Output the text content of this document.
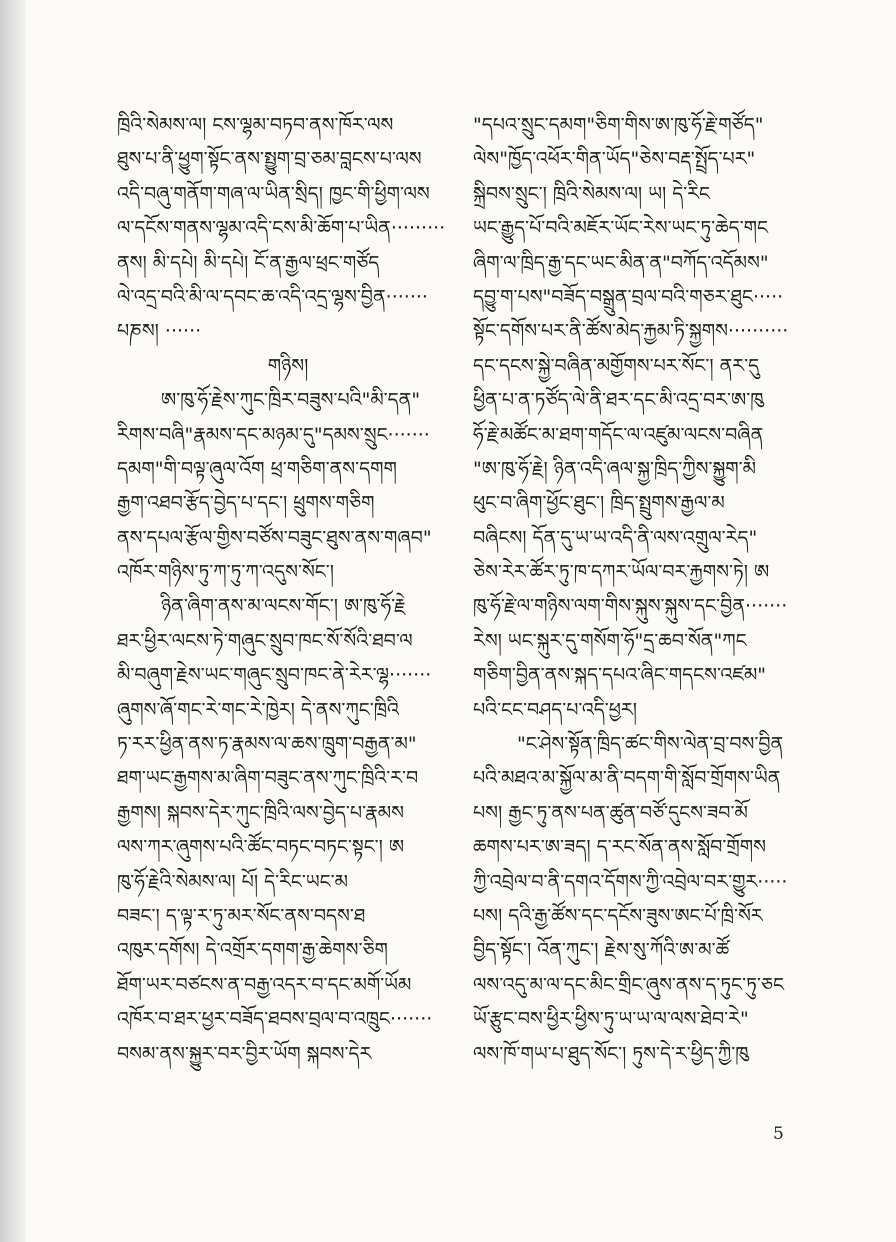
ཁྲིའི་སེམས་ལ། ངས་ལྷམ་བཏབ་ནས་ཁོར་ལས
ཐུས་པ་ནི་ཕྱུག་སྟོང་ནས་སྤྱུག་བྲ་ཅམ་བླངས་པ་ལས
འདི་བཞུ་གནོག་གཞ་ལ་ཡིན་སྲིད། ཁྱང་གི་ཕྱིག་ལས
ལ་དངོས་གནས་ལྷམ་འདི་ངས་མི་ཆོག་པ་ཡིན·········
ནས། མི་དཔེ། མི་དཔེ། ངོ་ན་རྒྱལ་ཕྲང་གཙོད
ལེ་འདྲ་བའི་མི་ལ་དབང་ཆ་འདི་འདྲ་ལྷས་བྱིན·······
པཎས། ······
གཉིས།
ཨ་ཁུ་ཧོ་རྗེས་ཀུང་ཁྲིར་བཟུས་པའི"མི་དན"
རིགས་བཞི"རྣམས་དང་མཉམ་དུ"དམས་སྲུང·······
དམག"གི་བལྟ་ཞུལ་འོག ཕྲ་གཅིག་ནས་དགག
རྒྱག་འཐབ་རྩོད་བྱེད་པ་དང་། ཕྲུགས་གཅིག
ནས་དཔལ་རྩོལ་གྱིས་བཙོས་བཟུང་ཐུས་ནས་གཞབ"
འཁོར་གཉིས་ཏུ་ཀ་ཏུ་ཀ་འདུས་སོང་།
ཉིན་ཞིག་ནས་མ་ལངས་གོང་། ཨ་ཁུ་ཧོ་རྗེ
ཐར་ཕྱིར་ལངས་ཏེ་གཞུང་སྲུབ་ཁང་སོ་སོའི་ཐབ་ལ
མི་བཞུག་རྗེས་ཡང་གཞུང་སྲུབ་ཁང་ནེ་རེར་ལྷ·······
ཞུགས་ཞོ་གང་རེ་གང་རེ་ཁྱེར། དེ་ནས་ཀུང་ཁྲིའི
ཏ་རར་ཕྱིན་ནས་ཏ་རྣམས་ལ་ཆས་ཁྲུག་བརྒྱན་མ"
ཐག་ཡང་རྒྱགས་མ་ཞིག་བཟུང་ནས་ཀུང་ཁྲིའི་ར་བ
རྒྱགས། སྐབས་དེར་ཀུང་ཁྲིའི་ལས་བྱེད་པ་རྣམས
ལས་ཀར་ཞུགས་པའི་ཚོང་བཏང་བཏང་སྟང་། ཨ
ཁུ་ཧོ་རྗེའི་སེམས་ལ། པོ། དེ་རིང་ཡང་མ
བཟང་། ད་ལྟ་ར་ཏུ་མར་སོང་ནས་བདས་ཐ
འཁུར་དགོས། དེ་འགྲོར་དགག་རྒྱ་ཆེགས་ཅིག
ཐོག་ཡར་བཙངས་ན་བརྒྱ་འདར་བ་དང་མགོ་ཡོམ
འཁོར་བ་ཐར་ཕྱར་བཟོད་ཐབས་བྲལ་བ་འཁྲུང·······
བསམ་ནས་སྐྱུར་བར་བྱིར་ཡོག སྐབས་དེར
"དཔའ་སྲུང་དམག"ཅིག་གིས་ཨ་ཁུ་ཧོ་རྗེ་གཙོད"
ལེས"ཁྱོད་འཕོར་གིན་ཡོད"ཅེས་བརྡ་སྤྲོད་པར"
སྐྲིབས་སྲུང་། ཁྲིའི་སེམས་ལ། ཡ། དེ་རིང
ཡང་རྒྱུད་པོ་བའི་མཇོར་ཡོང་རེས་ཡང་ཏུ་ཆེད་གང
ཞིག་ལ་ཁྲིད་རྒྱ་དང་ཡང་མིན་ན"བཀོད་འདོམས"
དབྱུ་ག་པས"བཟོད་བསྒྲུན་བྲལ་བའི་གཅར་ཐུང·····
སྟོང་དགོས་པར་ནི་ཚོས་མེད་རྐྱམ་ཏི་སྐྱགས··········
དང་དངས་སྐྱེ་བཞིན་མགྱོགས་པར་སོང་། ནར་དུ
ཕྱིན་པ་ན་ཏཙོད་ལེ་ནི་ཐར་དང་མི་འདྲ་བར་ཨ་ཁུ
ཧོ་རྗེ་མཚོང་མ་ཐག་གདོང་ལ་འཛུམ་ལངས་བཞིན
"ཨ་ཁུ་ཧོ་རྗེ། ཉིན་འདི་ཞལ་སྐྱ་ཁྲིད་ཀྱིས་སྐྱུག་མི
ཕུང་བ་ཞིག་ཕྱོང་ཐུང་། ཁྲིད་སྤྲུགས་རྒྱལ་མ
བཞིངས། དོན་དུ་ཡ་ཡ་འདི་ནི་ལས་འགྲུལ་རེད"
ཅེས་རེར་ཚོར་ཏུ་ཁ་དཀར་ཡོལ་བར་རྐྱགས་ཏེ། ཨ
ཁུ་ཧོ་རྗེ་ལ་གཉིས་ལག་གིས་སྐུས་སྐུས་དང་བྱིན·······
རེས། ཡང་སྐུར་དུ་གསོག་ཧོ"དྲ་ཆབ་སོན"ཀང
གཅིག་བྱིན་ནས་སྐད་དཔའ་ཞིང་གདངས་འཛམ"
པའི་ངང་བཤད་པ་འདི་ཕྱར།
"ང་ཤེས་སྟོན་ཁྲིད་ཚང་གིས་ལེན་བྲ་བས་བྱིན
པའི་མཐའ་མ་སྐྱོལ་མ་ནི་བདག་གི་སློབ་གྲོགས་ཡིན
པས། རྒྱང་ཏུ་ནས་པན་ཚུན་བཙོ་དུངས་ཟབ་མོ
ཆགས་པར་ཨ་ཟད། ད་རང་སོན་ནས་སློབ་གྲོགས
ཀྱི་འབྲེལ་བ་ནི་དགའ་དོགས་ཀྱི་འབྲེལ་བར་གྱུར·····
པས། དའི་རྒྱ་ཚོས་དང་དངོས་ཟུས་ཨང་པོ་ཁྲི་སོར
བྱིད་སྟོང་། འོན་ཀུང་། རྗེས་སུ་ཀོའི་ཨ་མ་ཚོ
ལས་འདུ་མ་ལ་དང་མིང་གྲིང་ཞུས་ནས་ད་ཏུང་ཏུ་ཅང
ཡོ་རྩུང་བས་ཕྱིར་ཕྱིས་ཏུ་ཡ་ཡ་ལ་ལས་ཐེབ་རེ"
ལས་ཁོ་གཡ་པ་ཐུད་སོང་། ཏུས་དེ་ར་ཕྱིད་ཀྱི་ཁུ
5
